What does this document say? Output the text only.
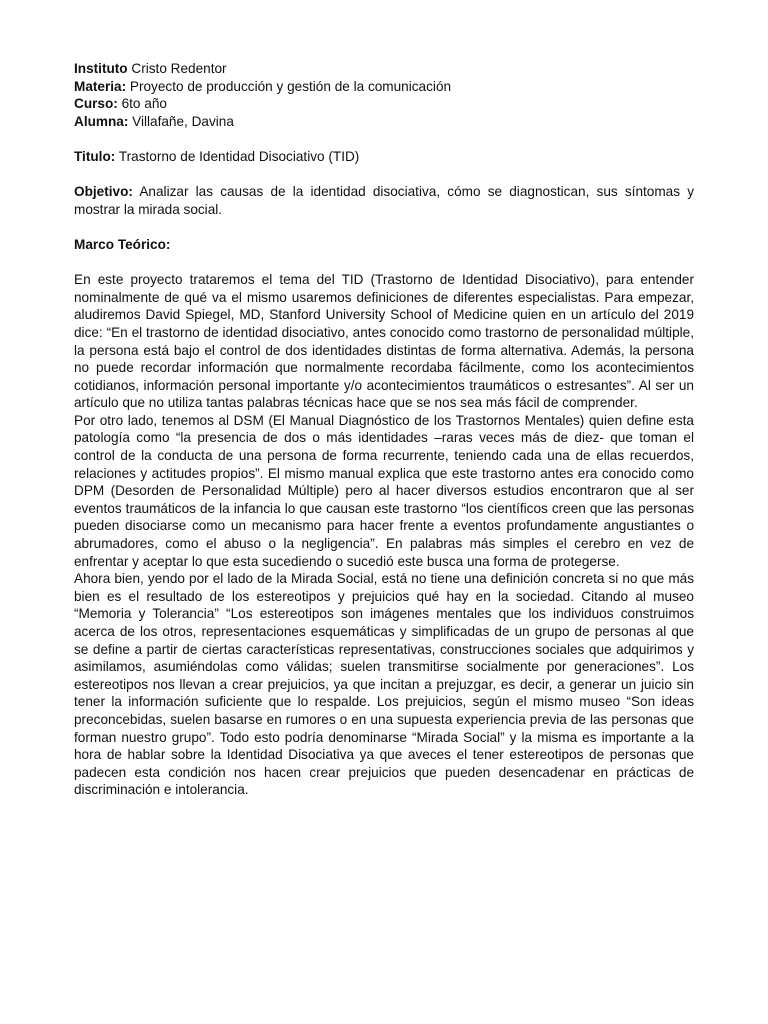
Instituto Cristo Redentor

Materia: Proyecto de producción y gestión de la comunicación

Curso: 6to año

Alumna: Villafañe, Davina

Titulo: Trastorno de Identidad Disociativo (TID)

Objetivo: Analizar las causas de la identidad disociativa, cómo se diagnostican, sus síntomas y mostrar la mirada social.

Marco Teórico:

En este proyecto trataremos el tema del TID (Trastorno de Identidad Disociativo), para entender nominalmente de qué va el mismo usaremos definiciones de diferentes especialistas. Para empezar, aludiremos David Spiegel, MD, Stanford University School of Medicine quien en un artículo del 2019 dice: “En el trastorno de identidad disociativo, antes conocido como trastorno de personalidad múltiple, la persona está bajo el control de dos identidades distintas de forma alternativa. Además, la persona no puede recordar información que normalmente recordaba fácilmente, como los acontecimientos cotidianos, información personal importante y/o acontecimientos traumáticos o estresantes”. Al ser un artículo que no utiliza tantas palabras técnicas hace que se nos sea más fácil de comprender.

Por otro lado, tenemos al DSM (El Manual Diagnóstico de los Trastornos Mentales) quien define esta patología como “la presencia de dos o más identidades –raras veces más de diez- que toman el control de la conducta de una persona de forma recurrente, teniendo cada una de ellas recuerdos, relaciones y actitudes propios”. El mismo manual explica que este trastorno antes era conocido como DPM (Desorden de Personalidad Múltiple) pero al hacer diversos estudios encontraron que al ser eventos traumáticos de la infancia lo que causan este trastorno “los científicos creen que las personas pueden disociarse como un mecanismo para hacer frente a eventos profundamente angustiantes o abrumadores, como el abuso o la negligencia”. En palabras más simples el cerebro en vez de enfrentar y aceptar lo que esta sucediendo o sucedió este busca una forma de protegerse.

Ahora bien, yendo por el lado de la Mirada Social, está no tiene una definición concreta si no que más bien es el resultado de los estereotipos y prejuicios qué hay en la sociedad. Citando al museo “Memoria y Tolerancia” “Los estereotipos son imágenes mentales que los individuos construimos acerca de los otros, representaciones esquemáticas y simplificadas de un grupo de personas al que se define a partir de ciertas características representativas, construcciones sociales que adquirimos y asimilamos, asumiéndolas como válidas; suelen transmitirse socialmente por generaciones”. Los estereotipos nos llevan a crear prejuicios, ya que incitan a prejuzgar, es decir, a generar un juicio sin tener la información suficiente que lo respalde. Los prejuicios, según el mismo museo “Son ideas preconcebidas, suelen basarse en rumores o en una supuesta experiencia previa de las personas que forman nuestro grupo”. Todo esto podría denominarse “Mirada Social” y la misma es importante a la hora de hablar sobre la Identidad Disociativa ya que aveces el tener estereotipos de personas que padecen esta condición nos hacen crear prejuicios que pueden desencadenar en prácticas de discriminación e intolerancia.
